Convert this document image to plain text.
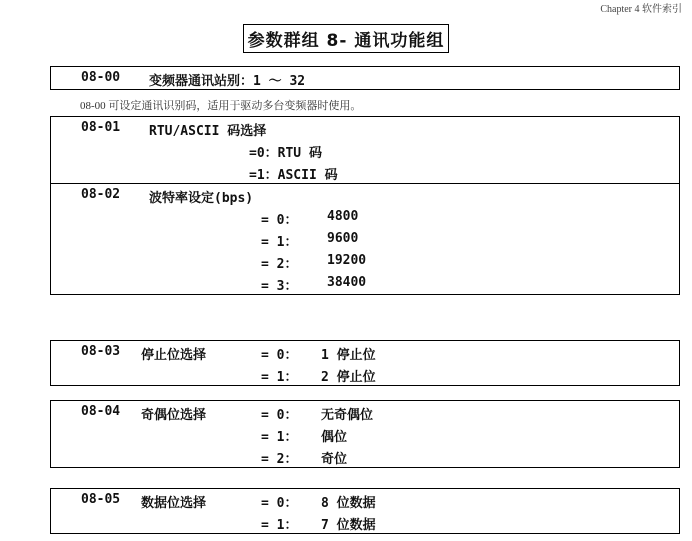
Chapter 4 软件索引
参数群组 8- 通讯功能组
08-00 变频器通讯站别：1 ～ 32
08-00 可设定通讯识别码，适用于驱动多台变频器时使用。
08-01 RTU/ASCII 码选择
=0：RTU 码
=1：ASCII 码
08-02 波特率设定(bps)
= 0： 4800
= 1： 9600
= 2： 19200
= 3： 38400
08-03 停止位选择	= 0： 1 停止位
= 1： 2 停止位
08-04 奇偶位选择	= 0： 无奇偶位
= 1： 偶位
= 2： 奇位
08-05 数据位选择	= 0： 8 位数据
= 1： 7 位数据
